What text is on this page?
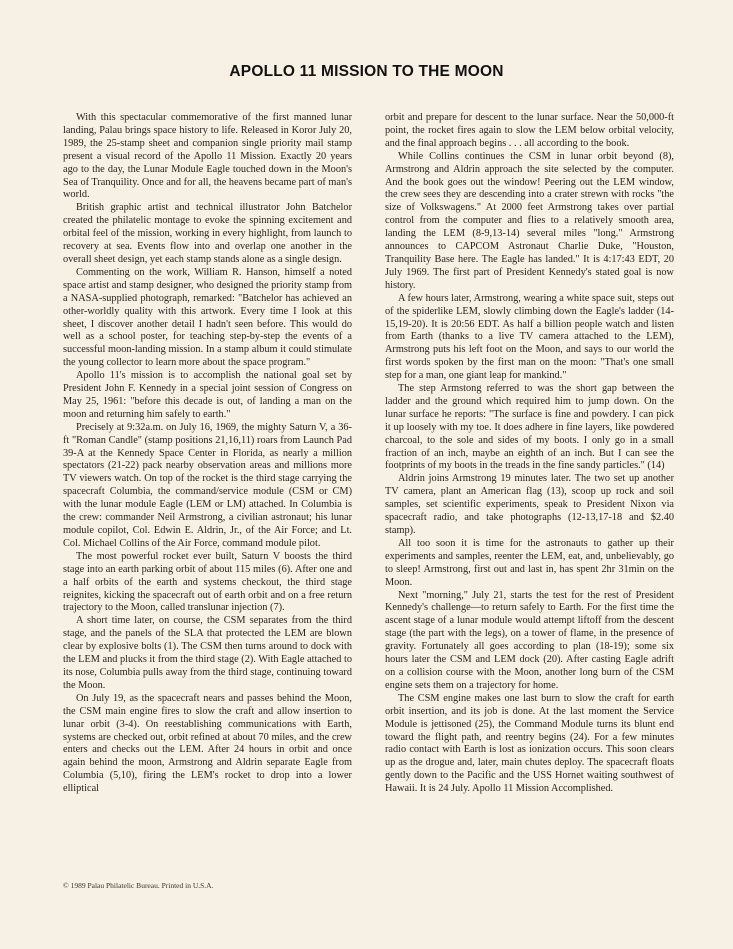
APOLLO 11 MISSION TO THE MOON

With this spectacular commemorative of the first manned lunar landing, Palau brings space history to life. Released in Koror July 20, 1989, the 25-stamp sheet and companion single priority mail stamp present a visual record of the Apollo 11 Mission. Exactly 20 years ago to the day, the Lunar Module Eagle touched down in the Moon's Sea of Tranquility. Once and for all, the heavens became part of man's world.

British graphic artist and technical illustrator John Batchelor created the philatelic montage to evoke the spinning excitement and orbital feel of the mission, working in every highlight, from launch to recovery at sea. Events flow into and overlap one another in the overall sheet design, yet each stamp stands alone as a single design.

Commenting on the work, William R. Hanson, himself a noted space artist and stamp designer, who designed the priority stamp from a NASA-supplied photograph, remarked: "Batchelor has achieved an other-worldly quality with this artwork. Every time I look at this sheet, I discover another detail I hadn't seen before. This would do well as a school poster, for teaching step-by-step the events of a successful moon-landing mission. In a stamp album it could stimulate the young collector to learn more about the space program."

Apollo 11's mission is to accomplish the national goal set by President John F. Kennedy in a special joint session of Congress on May 25, 1961: "before this decade is out, of landing a man on the moon and returning him safely to earth."

Precisely at 9:32a.m. on July 16, 1969, the mighty Saturn V, a 36-ft "Roman Candle" (stamp positions 21,16,11) roars from Launch Pad 39-A at the Kennedy Space Center in Florida, as nearly a million spectators (21-22) pack nearby observation areas and millions more TV viewers watch. On top of the rocket is the third stage carrying the spacecraft Columbia, the command/service module (CSM or CM) with the lunar module Eagle (LEM or LM) attached. In Columbia is the crew: commander Neil Armstrong, a civilian astronaut; his lunar module copilot, Col. Edwin E. Aldrin, Jr., of the Air Force; and Lt. Col. Michael Collins of the Air Force, command module pilot.

The most powerful rocket ever built, Saturn V boosts the third stage into an earth parking orbit of about 115 miles (6). After one and a half orbits of the earth and systems checkout, the third stage reignites, kicking the spacecraft out of earth orbit and on a free return trajectory to the Moon, called translunar injection (7).

A short time later, on course, the CSM separates from the third stage, and the panels of the SLA that protected the LEM are blown clear by explosive bolts (1). The CSM then turns around to dock with the LEM and plucks it from the third stage (2). With Eagle attached to its nose, Columbia pulls away from the third stage, continuing toward the Moon.

On July 19, as the spacecraft nears and passes behind the Moon, the CSM main engine fires to slow the craft and allow insertion to lunar orbit (3-4). On reestablishing communications with Earth, systems are checked out, orbit refined at about 70 miles, and the crew enters and checks out the LEM. After 24 hours in orbit and once again behind the moon, Armstrong and Aldrin separate Eagle from Columbia (5,10), firing the LEM's rocket to drop into a lower elliptical

orbit and prepare for descent to the lunar surface. Near the 50,000-ft point, the rocket fires again to slow the LEM below orbital velocity, and the final approach begins . . . all according to the book.

While Collins continues the CSM in lunar orbit beyond (8), Armstrong and Aldrin approach the site selected by the computer. And the book goes out the window! Peering out the LEM window, the crew sees they are descending into a crater strewn with rocks "the size of Volkswagens." At 2000 feet Armstrong takes over partial control from the computer and flies to a relatively smooth area, landing the LEM (8-9,13-14) several miles "long." Armstrong announces to CAPCOM Astronaut Charlie Duke, "Houston, Tranquility Base here. The Eagle has landed." It is 4:17:43 EDT, 20 July 1969. The first part of President Kennedy's stated goal is now history.

A few hours later, Armstrong, wearing a white space suit, steps out of the spiderlike LEM, slowly climbing down the Eagle's ladder (14-15,19-20). It is 20:56 EDT. As half a billion people watch and listen from Earth (thanks to a live TV camera attached to the LEM), Armstrong puts his left foot on the Moon, and says to our world the first words spoken by the first man on the moon: "That's one small step for a man, one giant leap for mankind."

The step Armstong referred to was the short gap between the ladder and the ground which required him to jump down. On the lunar surface he reports: "The surface is fine and powdery. I can pick it up loosely with my toe. It does adhere in fine layers, like powdered charcoal, to the sole and sides of my boots. I only go in a small fraction of an inch, maybe an eighth of an inch. But I can see the footprints of my boots in the treads in the fine sandy particles." (14)

Aldrin joins Armstrong 19 minutes later. The two set up another TV camera, plant an American flag (13), scoop up rock and soil samples, set scientific experiments, speak to President Nixon via spacecraft radio, and take photographs (12-13,17-18 and $2.40 stamp).

All too soon it is time for the astronauts to gather up their experiments and samples, reenter the LEM, eat, and, unbelievably, go to sleep! Armstrong, first out and last in, has spent 2hr 31min on the Moon.

Next "morning," July 21, starts the test for the rest of President Kennedy's challenge—to return safely to Earth. For the first time the ascent stage of a lunar module would attempt liftoff from the descent stage (the part with the legs), on a tower of flame, in the presence of gravity. Fortunately all goes according to plan (18-19); some six hours later the CSM and LEM dock (20). After casting Eagle adrift on a collision course with the Moon, another long burn of the CSM engine sets them on a trajectory for home.

The CSM engine makes one last burn to slow the craft for earth orbit insertion, and its job is done. At the last moment the Service Module is jettisoned (25), the Command Module turns its blunt end toward the flight path, and reentry begins (24). For a few minutes radio contact with Earth is lost as ionization occurs. This soon clears up as the drogue and, later, main chutes deploy. The spacecraft floats gently down to the Pacific and the USS Hornet waiting southwest of Hawaii. It is 24 July. Apollo 11 Mission Accomplished.

© 1989 Palau Philatelic Bureau. Printed in U.S.A.
